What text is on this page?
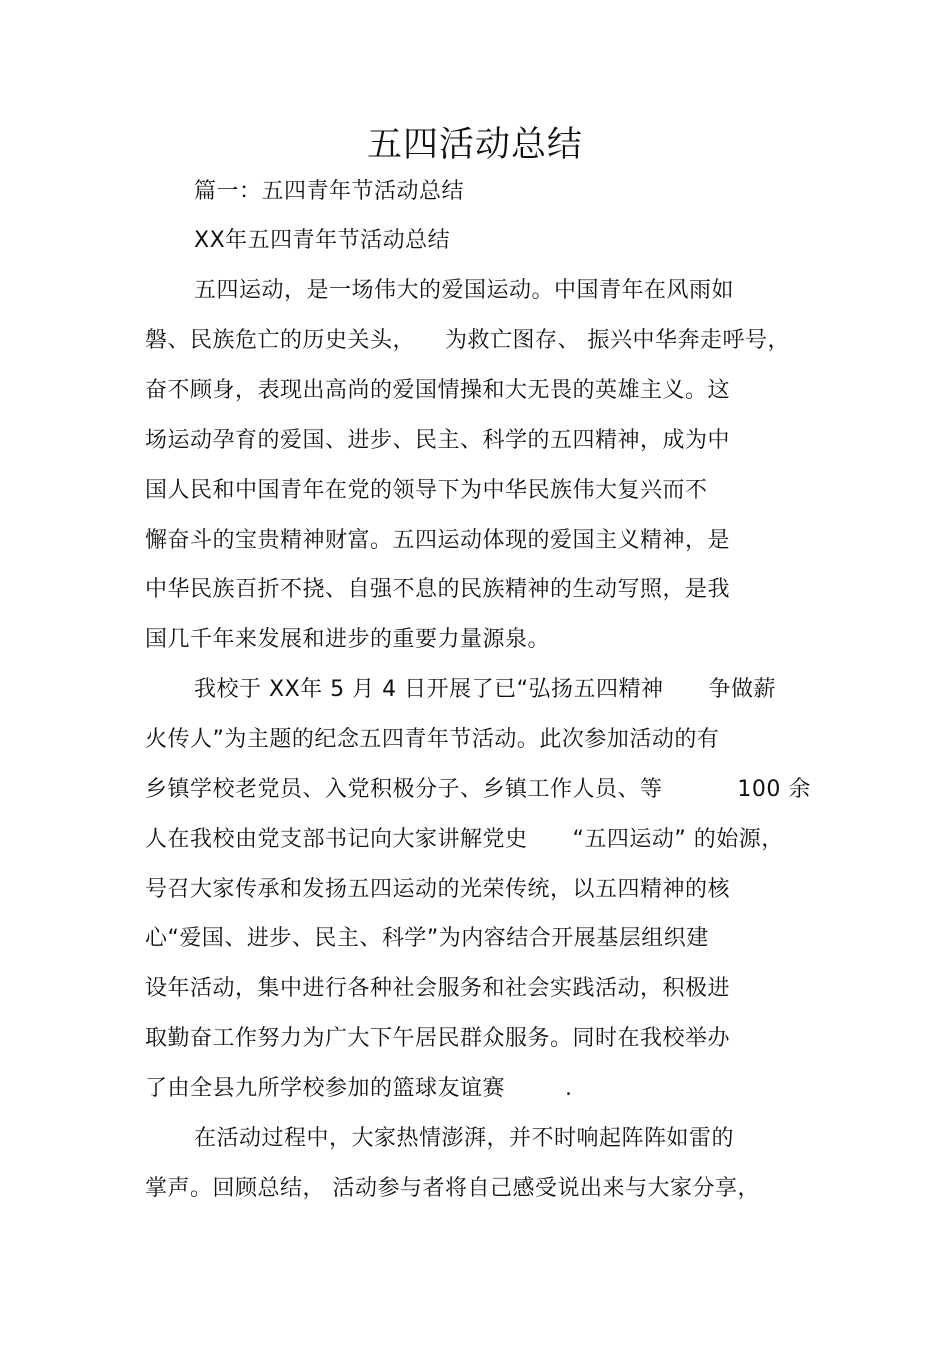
五四活动总结
篇一：五四青年节活动总结
XX年五四青年节活动总结
五四运动，是一场伟大的爱国运动。中国青年在风雨如
磐、民族危亡的历史关头，    为救亡图存、 振兴中华奔走呼号，
奋不顾身，表现出高尚的爱国情操和大无畏的英雄主义。这
场运动孕育的爱国、进步、民主、科学的五四精神，成为中
国人民和中国青年在党的领导下为中华民族伟大复兴而不
懈奋斗的宝贵精神财富。五四运动体现的爱国主义精神，是
中华民族百折不挠、自强不息的民族精神的生动写照，是我
国几千年来发展和进步的重要力量源泉。
我校于 XX年 5 月 4 日开展了已“弘扬五四精神      争做薪
火传人”为主题的纪念五四青年节活动。此次参加活动的有
乡镇学校老党员、入党积极分子、乡镇工作人员、等          100 余
人在我校由党支部书记向大家讲解党史      “五四运动” 的始源，
号召大家传承和发扬五四运动的光荣传统，以五四精神的核
心“爱国、进步、民主、科学”为内容结合开展基层组织建
设年活动，集中进行各种社会服务和社会实践活动，积极进
取勤奋工作努力为广大下午居民群众服务。同时在我校举办
了由全县九所学校参加的篮球友谊赛        .
在活动过程中，大家热情澎湃，并不时响起阵阵如雷的
掌声。回顾总结， 活动参与者将自己感受说出来与大家分享，
